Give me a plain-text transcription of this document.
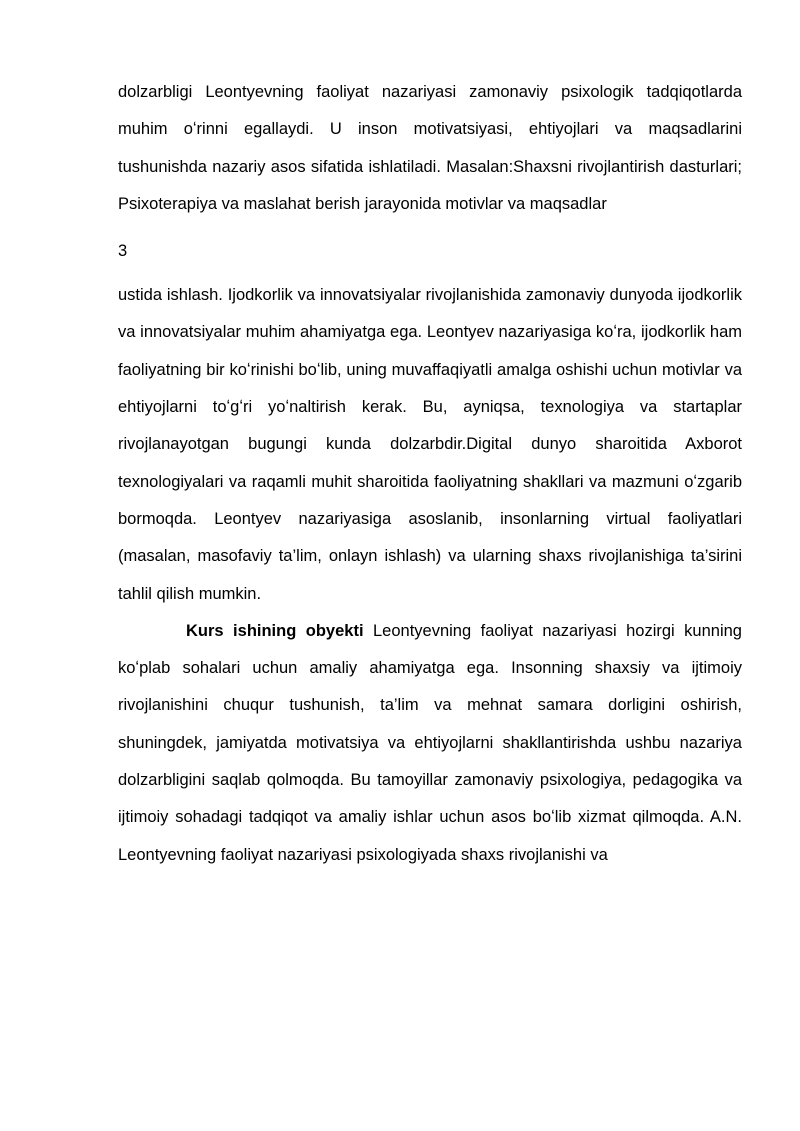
dolzarbligi Leontyevning faoliyat nazariyasi zamonaviy psixologik tadqiqotlarda muhim oʻrinni egallaydi. U inson motivatsiyasi, ehtiyojlari va maqsadlarini tushunishda nazariy asos sifatida ishlatiladi. Masalan:Shaxsni rivojlantirish dasturlari; Psixoterapiya va maslahat berish jarayonida motivlar va maqsadlar

3

ustida ishlash. Ijodkorlik va innovatsiyalar rivojlanishida zamonaviy dunyoda ijodkorlik va innovatsiyalar muhim ahamiyatga ega. Leontyev nazariyasiga koʻra, ijodkorlik ham faoliyatning bir koʻrinishi boʻlib, uning muvaffaqiyatli amalga oshishi uchun motivlar va ehtiyojlarni toʻgʻri yoʻnaltirish kerak. Bu, ayniqsa, texnologiya va startaplar rivojlanayotgan bugungi kunda dolzarbdir.Digital dunyo sharoitida Axborot texnologiyalari va raqamli muhit sharoitida faoliyatning shakllari va mazmuni oʻzgarib bormoqda. Leontyev nazariyasiga asoslanib, insonlarning virtual faoliyatlari (masalan, masofaviy ta’lim, onlayn ishlash) va ularning shaxs rivojlanishiga ta’sirini tahlil qilish mumkin.

Kurs ishining obyekti Leontyevning faoliyat nazariyasi hozirgi kunning koʻplab sohalari uchun amaliy ahamiyatga ega. Insonning shaxsiy va ijtimoiy rivojlanishini chuqur tushunish, ta’lim va mehnat samara dorligini oshirish, shuningdek, jamiyatda motivatsiya va ehtiyojlarni shakllantirishda ushbu nazariya dolzarbligini saqlab qolmoqda. Bu tamoyillar zamonaviy psixologiya, pedagogika va ijtimoiy sohadagi tadqiqot va amaliy ishlar uchun asos boʻlib xizmat qilmoqda. A.N. Leontyevning faoliyat nazariyasi psixologiyada shaxs rivojlanishi va
